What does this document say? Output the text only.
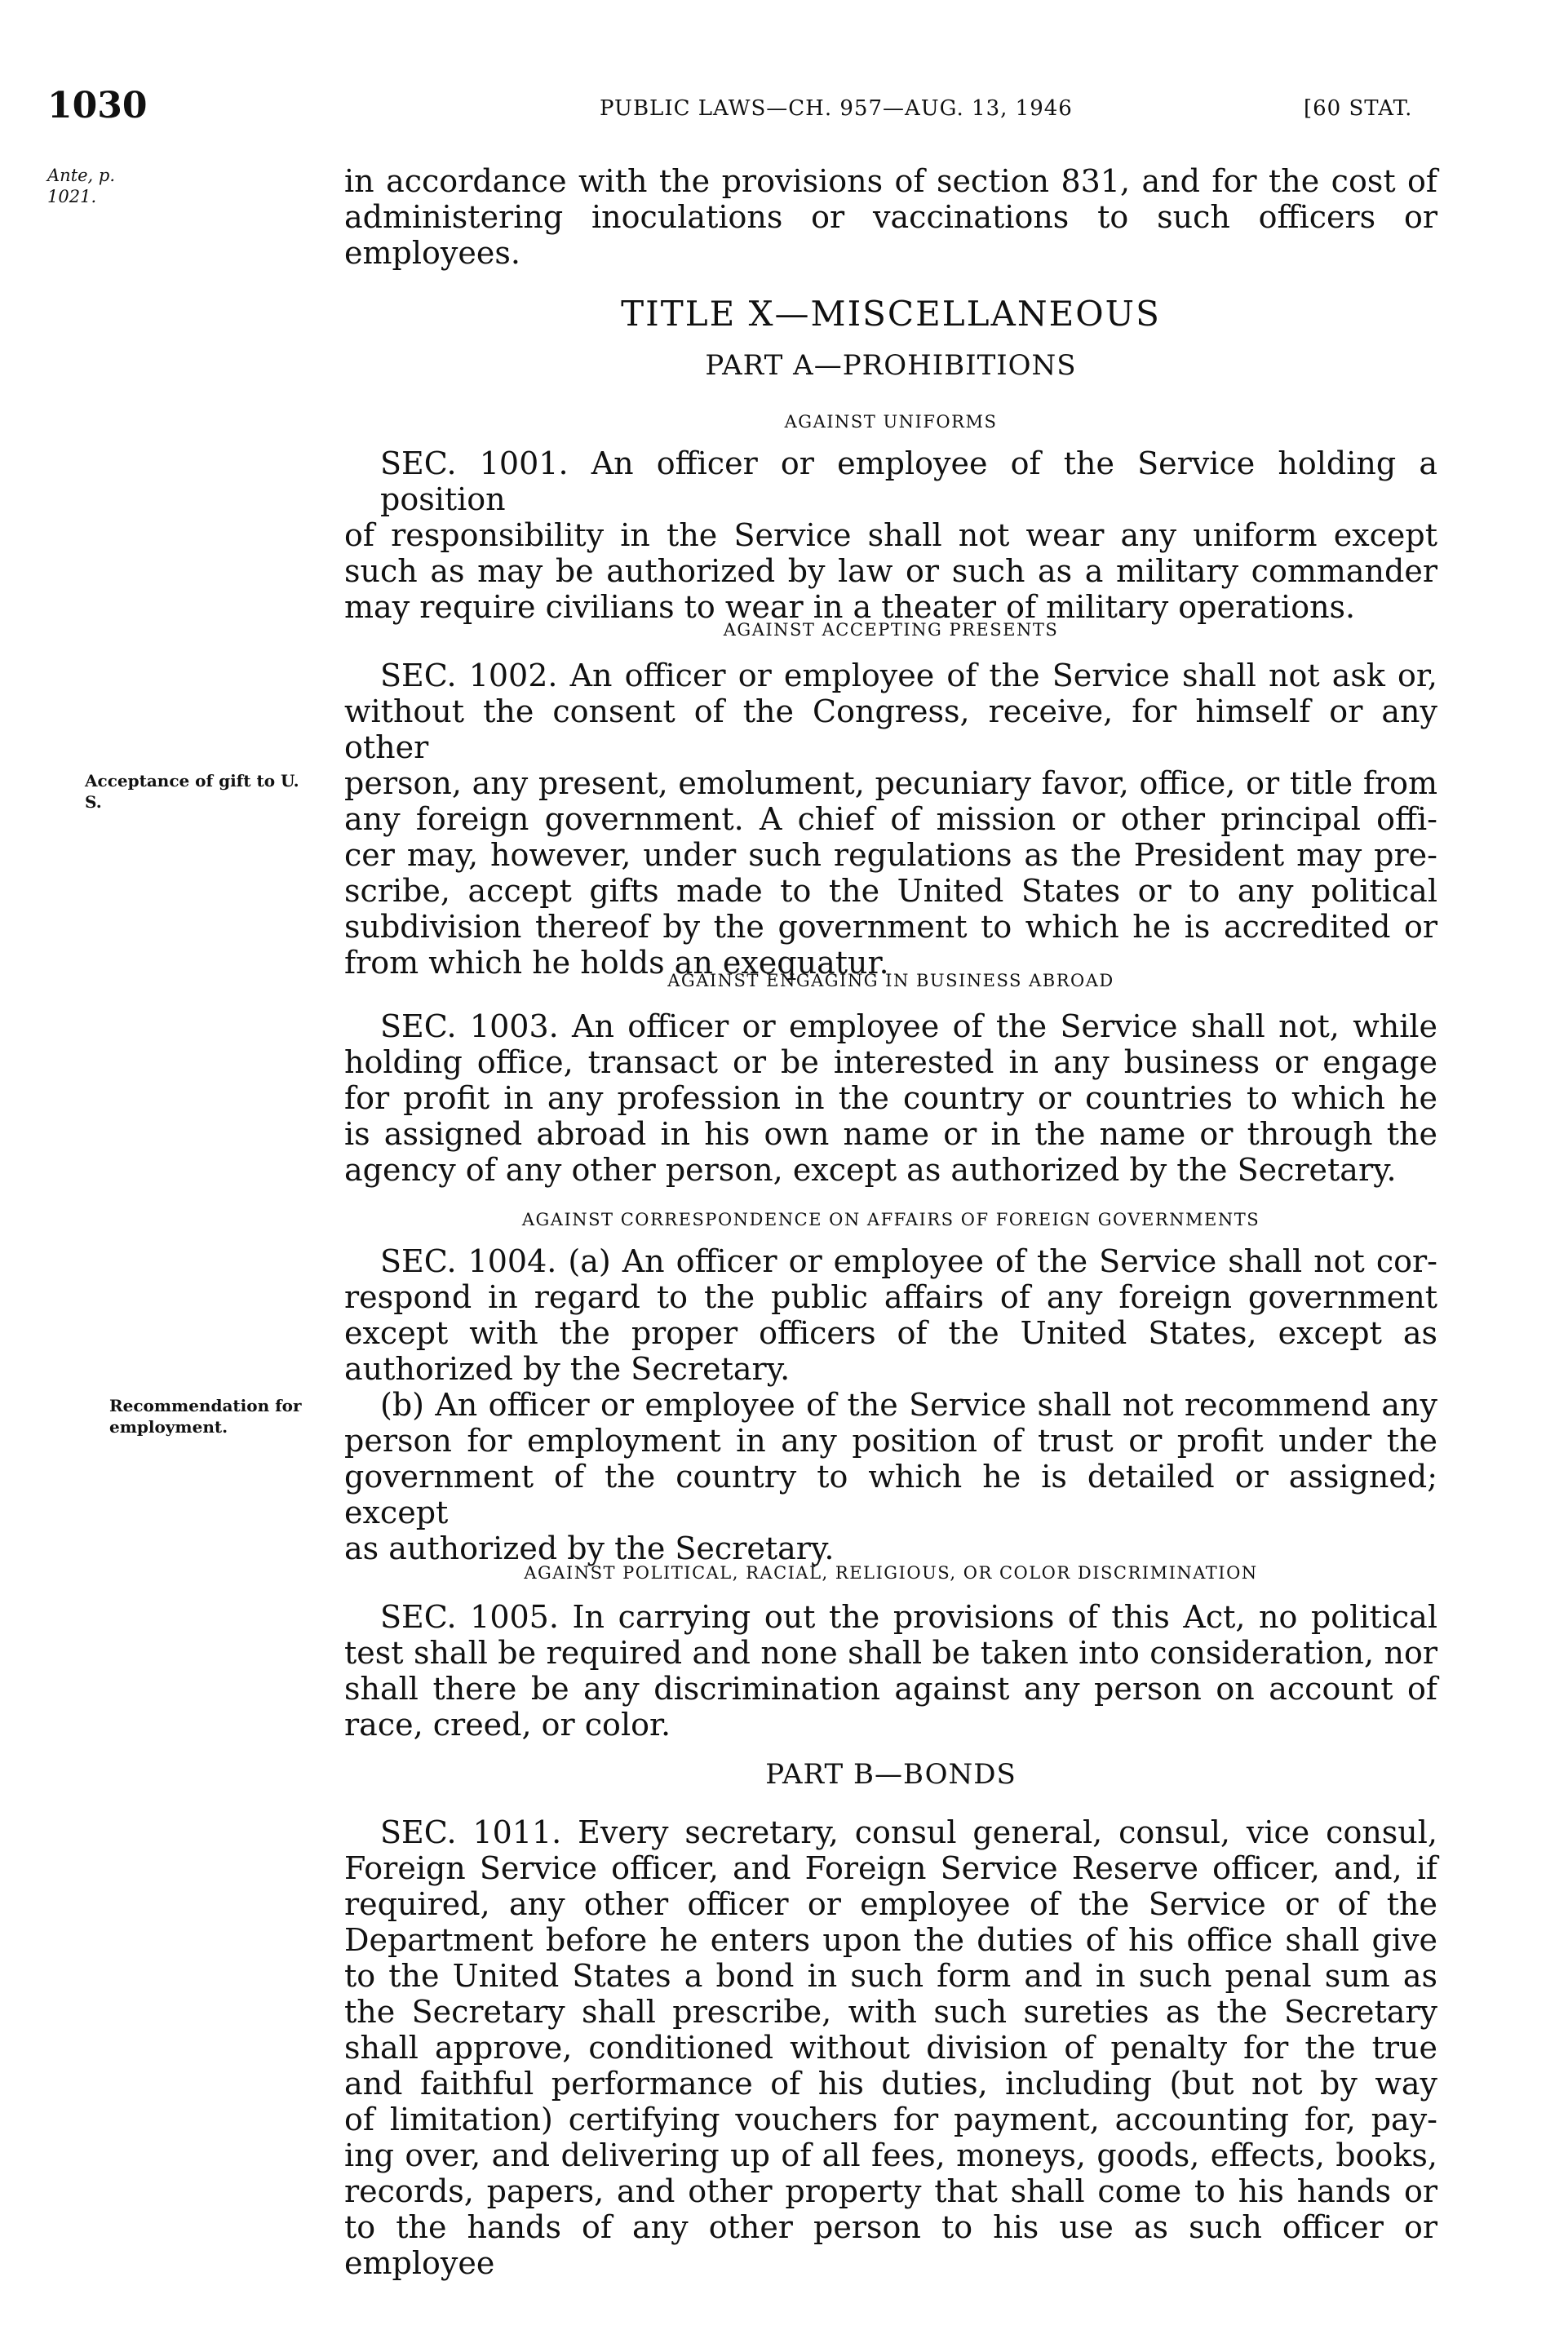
1030	PUBLIC LAWS—CH. 957—AUG. 13, 1946	[60 STAT.
Ante, p. 1021.
Acceptance of gift to U. S.
Recommendation for employment.
in accordance with the provisions of section 831, and for the cost of
administering inoculations or vaccinations to such officers or
employees.
TITLE X—MISCELLANEOUS
PART A—PROHIBITIONS
AGAINST UNIFORMS
SEC. 1001. An officer or employee of the Service holding a position
of responsibility in the Service shall not wear any uniform except
such as may be authorized by law or such as a military commander
may require civilians to wear in a theater of military operations.
AGAINST ACCEPTING PRESENTS
SEC. 1002. An officer or employee of the Service shall not ask or,
without the consent of the Congress, receive, for himself or any other
person, any present, emolument, pecuniary favor, office, or title from
any foreign government. A chief of mission or other principal offi-
cer may, however, under such regulations as the President may pre-
scribe, accept gifts made to the United States or to any political
subdivision thereof by the government to which he is accredited or
from which he holds an exequatur.
AGAINST ENGAGING IN BUSINESS ABROAD
SEC. 1003. An officer or employee of the Service shall not, while
holding office, transact or be interested in any business or engage
for profit in any profession in the country or countries to which he
is assigned abroad in his own name or in the name or through the
agency of any other person, except as authorized by the Secretary.
AGAINST CORRESPONDENCE ON AFFAIRS OF FOREIGN GOVERNMENTS
SEC. 1004. (a) An officer or employee of the Service shall not cor-
respond in regard to the public affairs of any foreign government
except with the proper officers of the United States, except as
authorized by the Secretary.
(b) An officer or employee of the Service shall not recommend any
person for employment in any position of trust or profit under the
government of the country to which he is detailed or assigned; except
as authorized by the Secretary.
AGAINST POLITICAL, RACIAL, RELIGIOUS, OR COLOR DISCRIMINATION
SEC. 1005. In carrying out the provisions of this Act, no political
test shall be required and none shall be taken into consideration, nor
shall there be any discrimination against any person on account of
race, creed, or color.
PART B—BONDS
SEC. 1011. Every secretary, consul general, consul, vice consul,
Foreign Service officer, and Foreign Service Reserve officer, and, if
required, any other officer or employee of the Service or of the
Department before he enters upon the duties of his office shall give
to the United States a bond in such form and in such penal sum as
the Secretary shall prescribe, with such sureties as the Secretary
shall approve, conditioned without division of penalty for the true
and faithful performance of his duties, including (but not by way
of limitation) certifying vouchers for payment, accounting for, pay-
ing over, and delivering up of all fees, moneys, goods, effects, books,
records, papers, and other property that shall come to his hands or
to the hands of any other person to his use as such officer or employee
